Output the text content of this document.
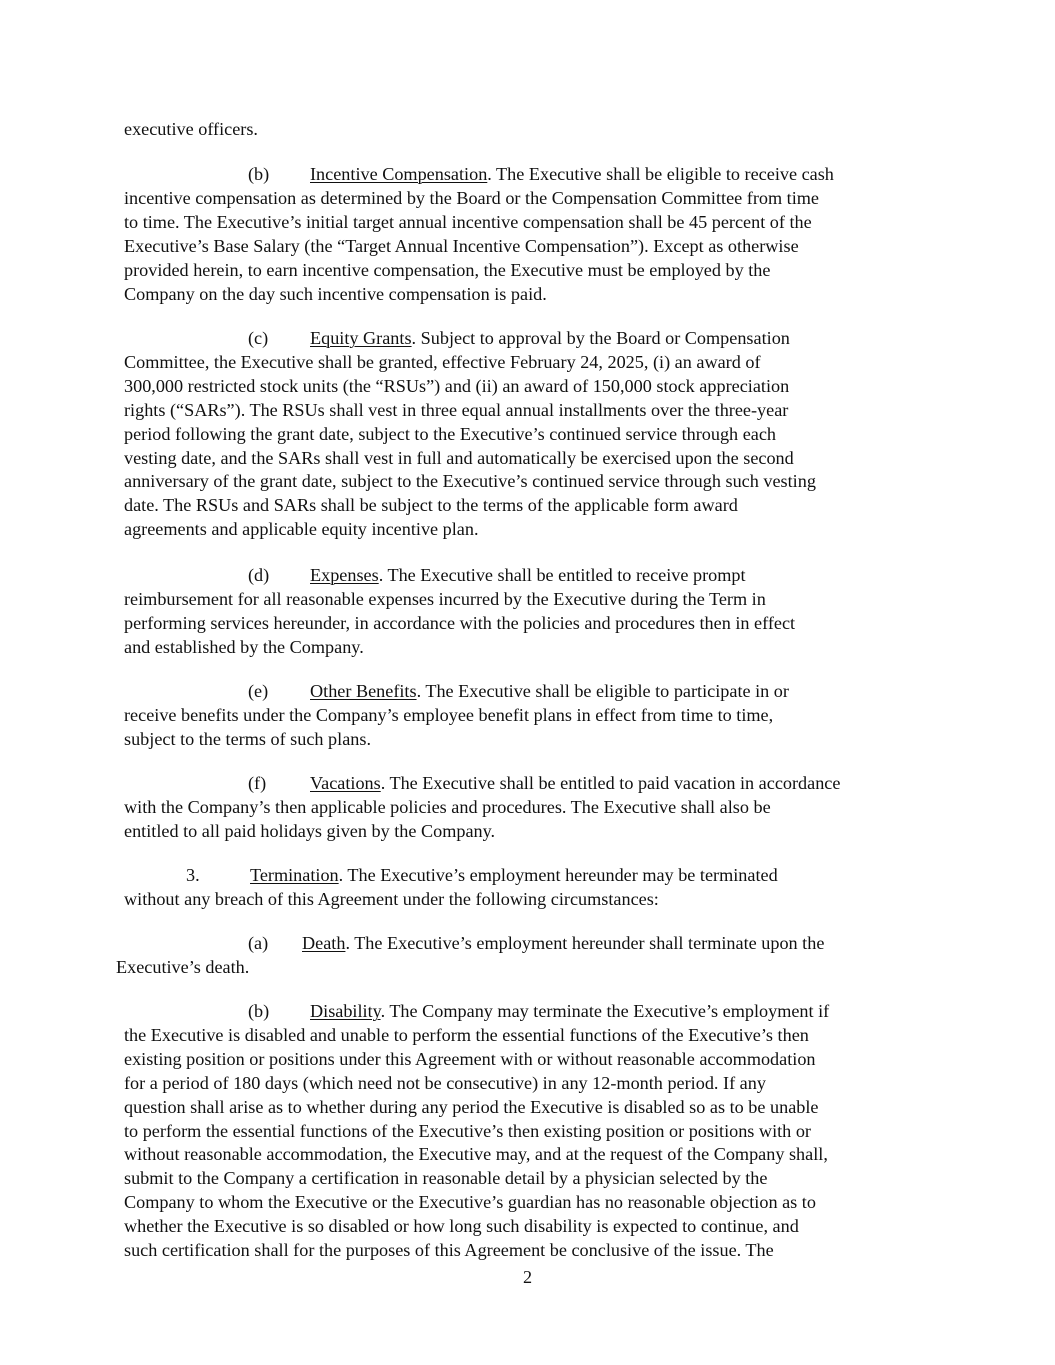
executive officers.

(b) Incentive Compensation. The Executive shall be eligible to receive cash
incentive compensation as determined by the Board or the Compensation Committee from time
to time. The Executive’s initial target annual incentive compensation shall be 45 percent of the
Executive’s Base Salary (the “Target Annual Incentive Compensation”). Except as otherwise
provided herein, to earn incentive compensation, the Executive must be employed by the
Company on the day such incentive compensation is paid.

(c) Equity Grants. Subject to approval by the Board or Compensation
Committee, the Executive shall be granted, effective February 24, 2025, (i) an award of
300,000 restricted stock units (the “RSUs”) and (ii) an award of 150,000 stock appreciation
rights (“SARs”). The RSUs shall vest in three equal annual installments over the three-year
period following the grant date, subject to the Executive’s continued service through each
vesting date, and the SARs shall vest in full and automatically be exercised upon the second
anniversary of the grant date, subject to the Executive’s continued service through such vesting
date. The RSUs and SARs shall be subject to the terms of the applicable form award
agreements and applicable equity incentive plan.

(d) Expenses. The Executive shall be entitled to receive prompt
reimbursement for all reasonable expenses incurred by the Executive during the Term in
performing services hereunder, in accordance with the policies and procedures then in effect
and established by the Company.

(e) Other Benefits. The Executive shall be eligible to participate in or
receive benefits under the Company’s employee benefit plans in effect from time to time,
subject to the terms of such plans.

(f) Vacations. The Executive shall be entitled to paid vacation in accordance
with the Company’s then applicable policies and procedures. The Executive shall also be
entitled to all paid holidays given by the Company.

3.	Termination. The Executive’s employment hereunder may be terminated
without any breach of this Agreement under the following circumstances:

(a) Death. The Executive’s employment hereunder shall terminate upon the
Executive’s death.

(b) Disability. The Company may terminate the Executive’s employment if
the Executive is disabled and unable to perform the essential functions of the Executive’s then
existing position or positions under this Agreement with or without reasonable accommodation
for a period of 180 days (which need not be consecutive) in any 12-month period. If any
question shall arise as to whether during any period the Executive is disabled so as to be unable
to perform the essential functions of the Executive’s then existing position or positions with or
without reasonable accommodation, the Executive may, and at the request of the Company shall,
submit to the Company a certification in reasonable detail by a physician selected by the
Company to whom the Executive or the Executive’s guardian has no reasonable objection as to
whether the Executive is so disabled or how long such disability is expected to continue, and
such certification shall for the purposes of this Agreement be conclusive of the issue. The

2
